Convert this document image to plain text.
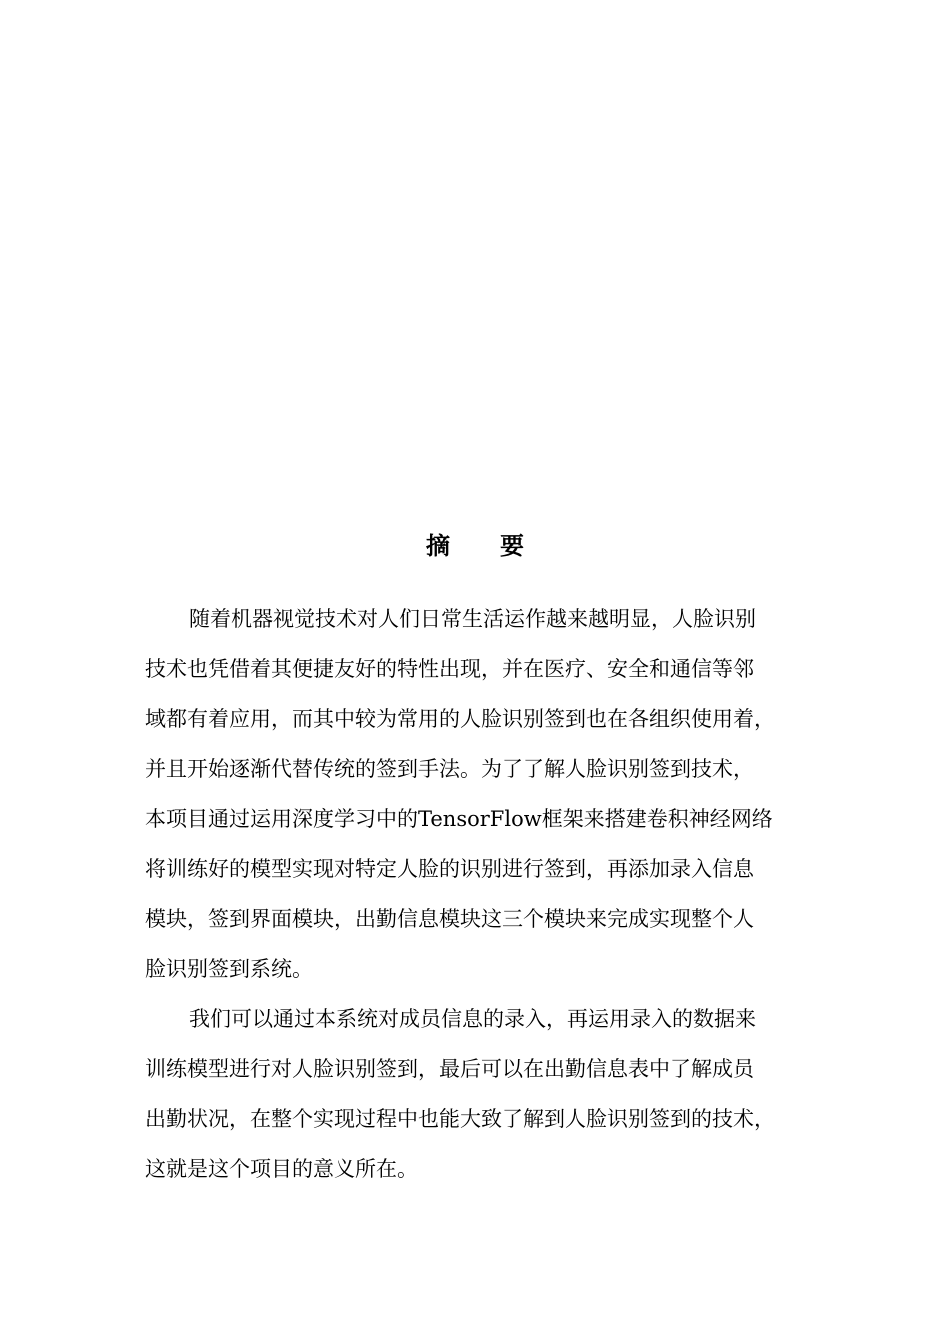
摘 要
随着机器视觉技术对人们日常生活运作越来越明显，人脸识别
技术也凭借着其便捷友好的特性出现，并在医疗、安全和通信等邻
域都有着应用，而其中较为常用的人脸识别签到也在各组织使用着，
并且开始逐渐代替传统的签到手法。为了了解人脸识别签到技术，
本项目通过运用深度学习中的TensorFlow框架来搭建卷积神经网络
将训练好的模型实现对特定人脸的识别进行签到，再添加录入信息
模块，签到界面模块，出勤信息模块这三个模块来完成实现整个人
脸识别签到系统。
我们可以通过本系统对成员信息的录入，再运用录入的数据来
训练模型进行对人脸识别签到，最后可以在出勤信息表中了解成员
出勤状况，在整个实现过程中也能大致了解到人脸识别签到的技术，
这就是这个项目的意义所在。
